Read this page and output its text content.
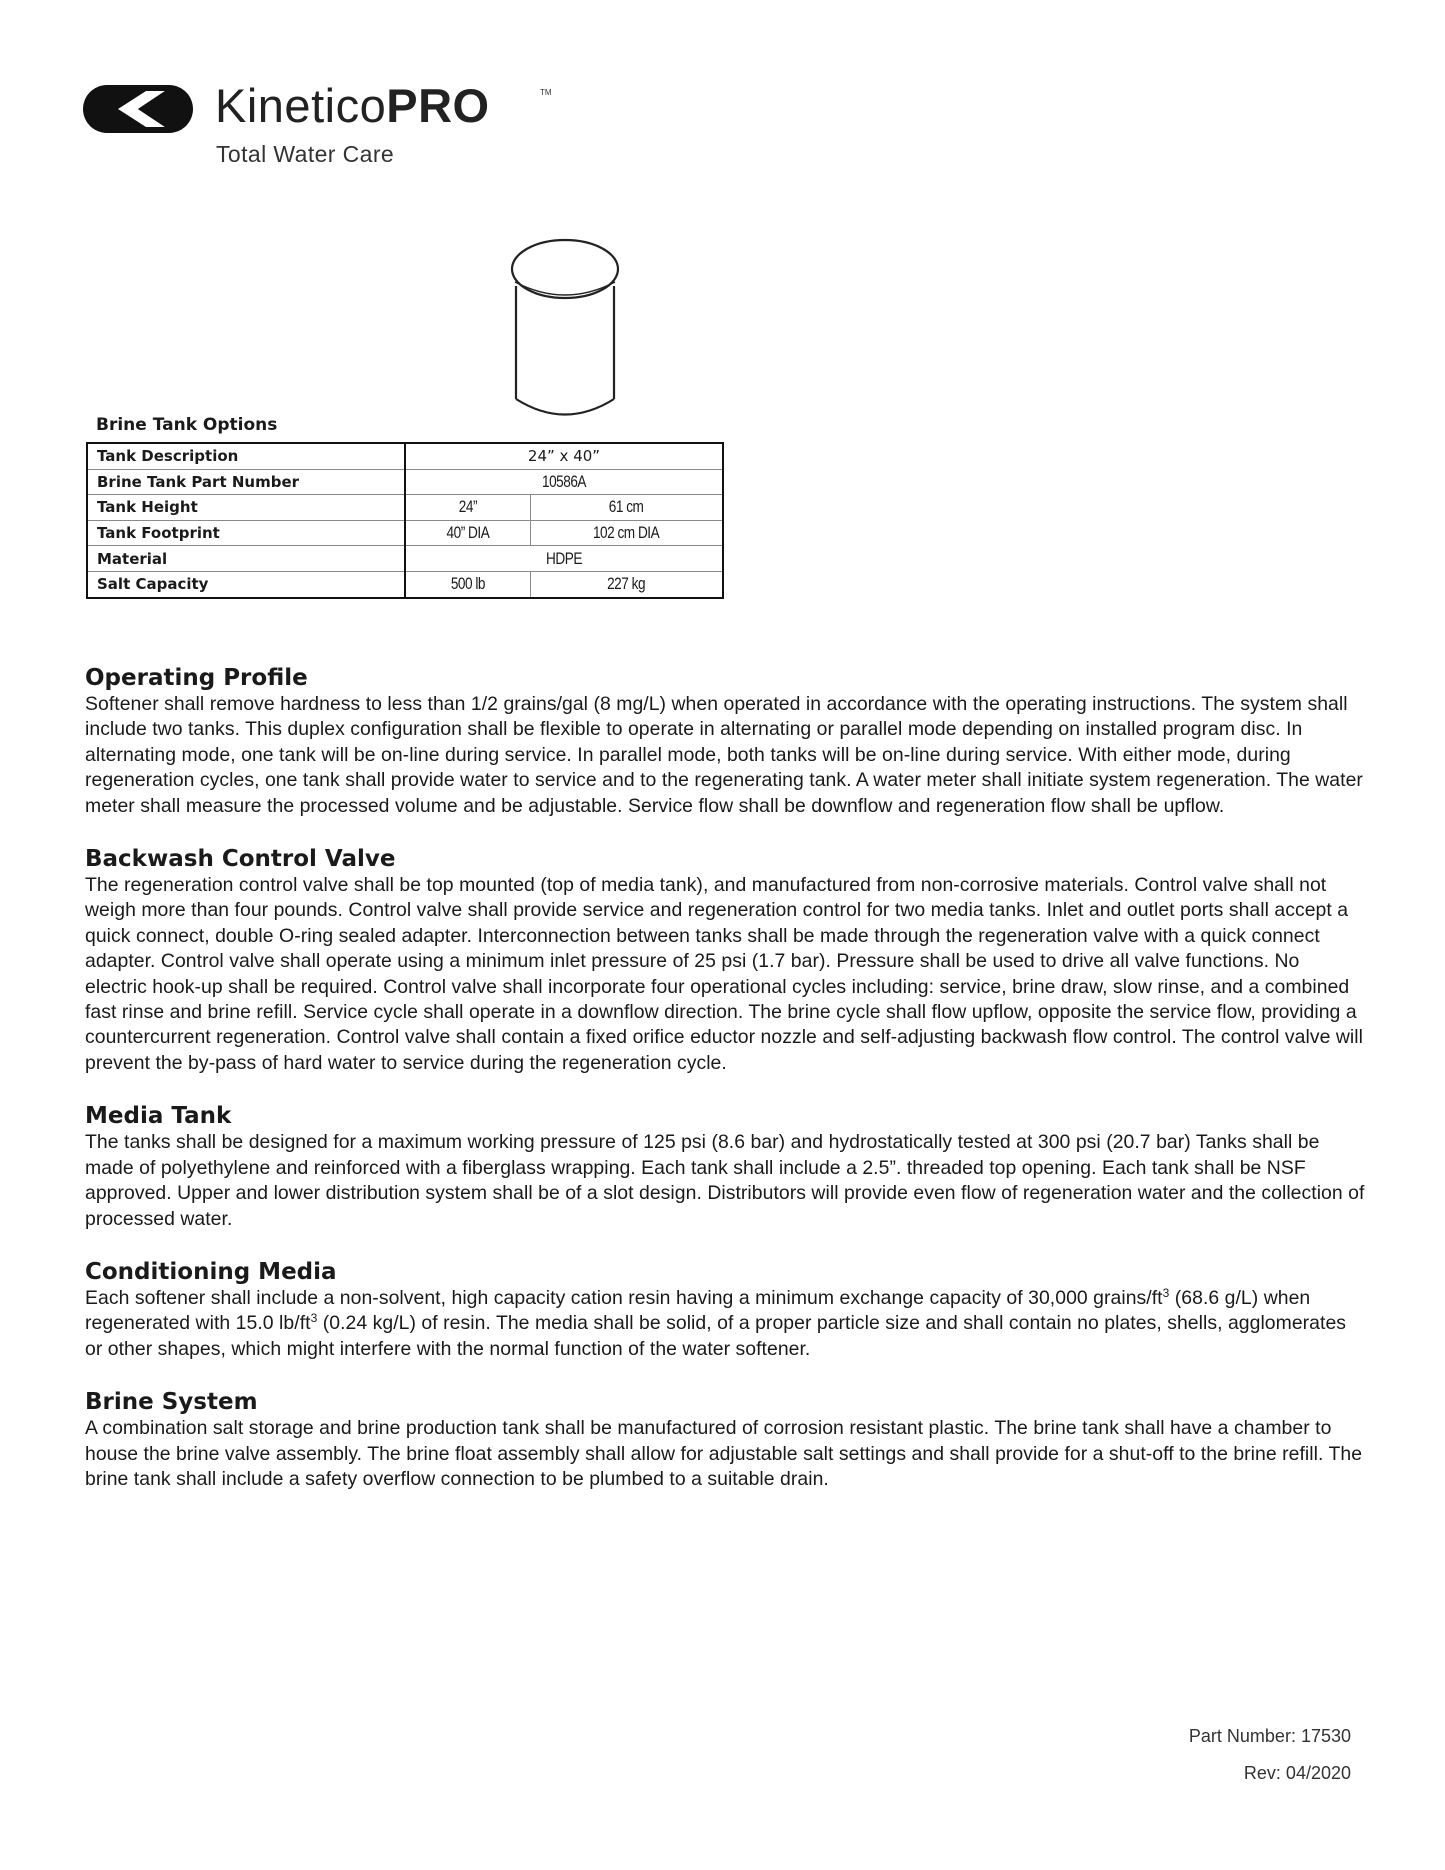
KineticoPRO	TM
Total Water Care
Brine Tank Options
Tank Description	24” x 40”	
Brine Tank Part Number	10586A	
Tank Height	24”	61 cm
Tank Footprint	40” DIA	102 cm DIA
Material	HDPE	
Salt Capacity	500 lb	227 kg
Operating Profile

Softener shall remove hardness to less than 1/2 grains/gal (8 mg/L) when operated in accordance with the operating instructions. The system shall include two tanks. This duplex configuration shall be flexible to operate in alternating or parallel mode depending on installed program disc. In alternating mode, one tank will be on-line during service. In parallel mode, both tanks will be on-line during service. With either mode, during regeneration cycles, one tank shall provide water to service and to the regenerating tank. A water meter shall initiate system regeneration. The water meter shall measure the processed volume and be adjustable. Service flow shall be downflow and regeneration flow shall be upflow.

Backwash Control Valve

The regeneration control valve shall be top mounted (top of media tank), and manufactured from non-corrosive materials. Control valve shall not weigh more than four pounds. Control valve shall provide service and regeneration control for two media tanks. Inlet and outlet ports shall accept a quick connect, double O-ring sealed adapter. Interconnection between tanks shall be made through the regeneration valve with a quick connect adapter. Control valve shall operate using a minimum inlet pressure of 25 psi (1.7 bar). Pressure shall be used to drive all valve functions. No electric hook-up shall be required. Control valve shall incorporate four operational cycles including: service, brine draw, slow rinse, and a combined fast rinse and brine refill. Service cycle shall operate in a downflow direction. The brine cycle shall flow upflow, opposite the service flow, providing a countercurrent regeneration. Control valve shall contain a fixed orifice eductor nozzle and self-adjusting backwash flow control. The control valve will prevent the by-pass of hard water to service during the regeneration cycle.

Media Tank

The tanks shall be designed for a maximum working pressure of 125 psi (8.6 bar) and hydrostatically tested at 300 psi (20.7 bar) Tanks shall be made of polyethylene and reinforced with a fiberglass wrapping. Each tank shall include a 2.5”. threaded top opening. Each tank shall be NSF approved. Upper and lower distribution system shall be of a slot design. Distributors will provide even flow of regeneration water and the collection of processed water.

Conditioning Media

Each softener shall include a non-solvent, high capacity cation resin having a minimum exchange capacity of 30,000 grains/$ft^3$ (68.6 g/L) when regenerated with 15.0 $lb/ft^3$ (0.24 kg/L) of resin. The media shall be solid, of a proper particle size and shall contain no plates, shells, agglomerates or other shapes, which might interfere with the normal function of the water softener.

Brine System

A combination salt storage and brine production tank shall be manufactured of corrosion resistant plastic. The brine tank shall have a chamber to house the brine valve assembly. The brine float assembly shall allow for adjustable salt settings and shall provide for a shut-off to the brine refill. The brine tank shall include a safety overflow connection to be plumbed to a suitable drain.

Part Number: 17530
Rev: 04/2020
